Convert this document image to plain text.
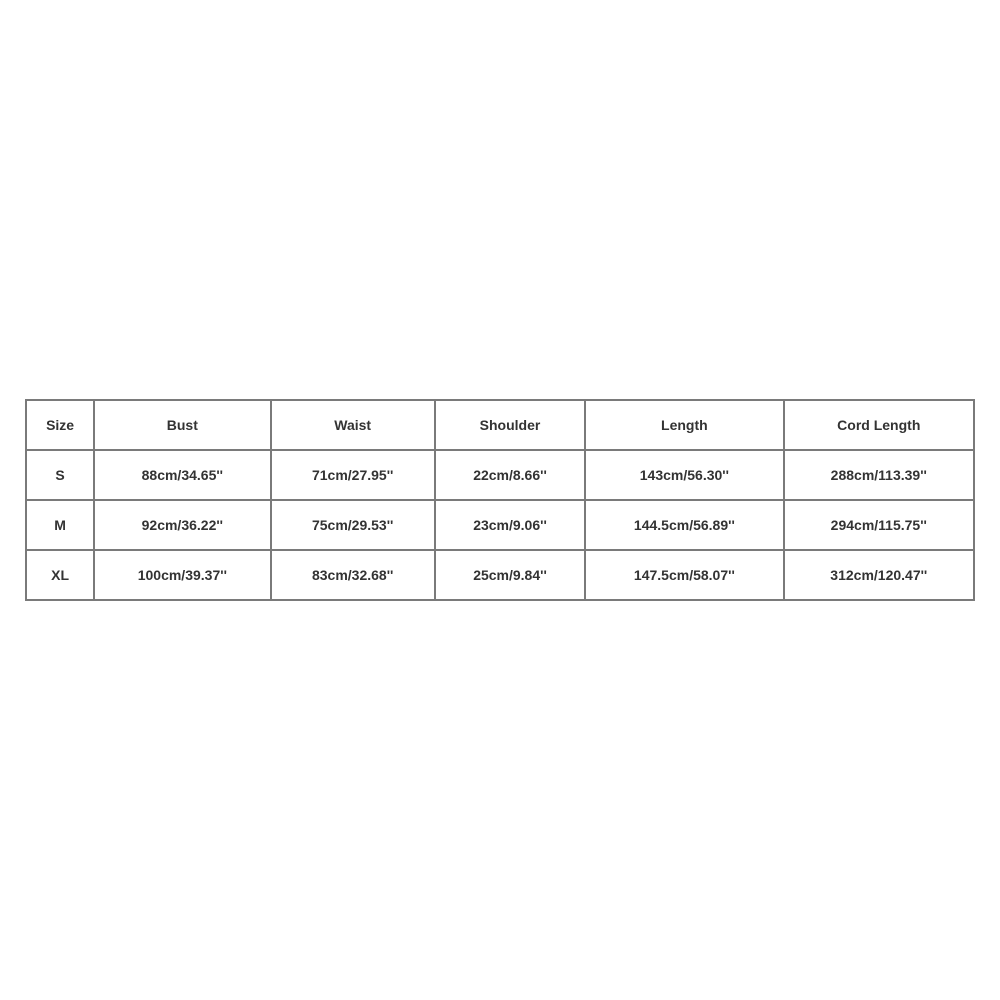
Size	Bust	Waist	Shoulder	Length	Cord Length
S	88cm/34.65''	71cm/27.95''	22cm/8.66''	143cm/56.30''	288cm/113.39''
M	92cm/36.22''	75cm/29.53''	23cm/9.06''	144.5cm/56.89''	294cm/115.75''
XL	100cm/39.37''	83cm/32.68''	25cm/9.84''	147.5cm/58.07''	312cm/120.47''
